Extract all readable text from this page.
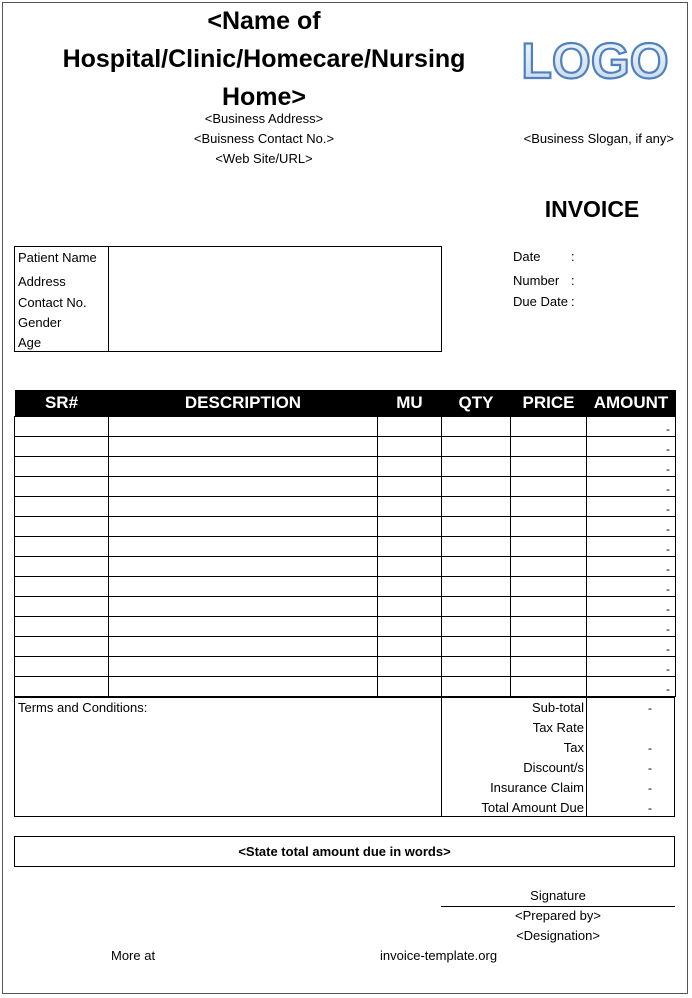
<Name of
Hospital/Clinic/Homecare/Nursing
Home>
<Business Address>
<Buisness Contact No.>
<Web Site/URL>
LOGO
<Business Slogan, if any>
INVOICE
Patient Name
Address
Contact No.
Gender
Age
Date :
Number :
Due Date :
SR#	DESCRIPTION	MU	QTY	PRICE	AMOUNT
					-
					-
					-
					-
					-
					-
					-
					-
					-
					-
					-
					-
					-
					-
Terms and Conditions:	Sub-total	-
Tax Rate
Tax	-
Discount/s	-
Insurance Claim	-
Total Amount Due	-
<State total amount due in words>
Signature
<Prepared by>
<Designation>
More at	invoice-template.org
